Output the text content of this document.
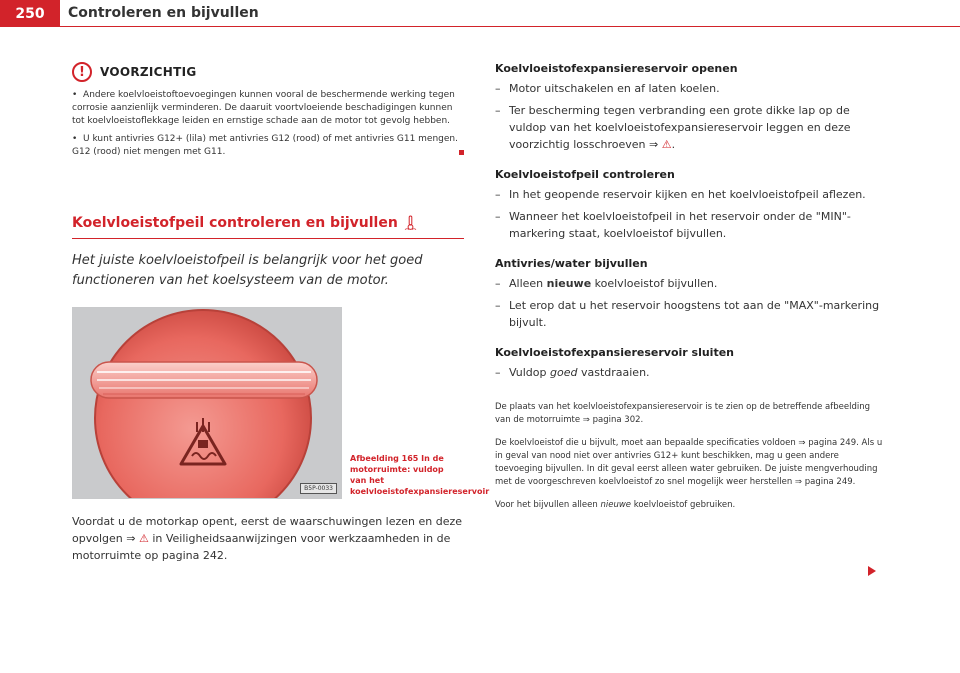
250	Controleren en bijvullen
!	VOORZICHTIG

• Andere koelvloeistoftoevoegingen kunnen vooral de beschermende werking tegen corrosie aanzienlijk verminderen. De daaruit voortvloeiende beschadigingen kunnen tot koelvloeistoflekkage leiden en ernstige schade aan de motor tot gevolg hebben.

• U kunt antivries G12+ (lila) met antivries G12 (rood) of met antivries G11 mengen. G12 (rood) niet mengen met G11.

Koelvloeistofpeil controleren en bijvullen

Het juiste koelvloeistofpeil is belangrijk voor het goed functioneren van het koelsysteem van de motor.

B5P-0033
Afbeelding 165 In de motorruimte: vuldop van het koelvloeistofexpansiereservoir

Voordat u de motorkap opent, eerst de waarschuwingen lezen en deze opvolgen ⇒ ⚠ in Veiligheidsaanwijzingen voor werkzaamheden in de motorruimte op pagina 242.

Koelvloeistofexpansiereservoir openen

– Motor uitschakelen en af laten koelen.

– Ter bescherming tegen verbranding een grote dikke lap op de vuldop van het koelvloeistofexpansiereservoir leggen en deze voorzichtig losschroeven ⇒ ⚠.

Koelvloeistofpeil controleren

– In het geopende reservoir kijken en het koelvloeistofpeil aflezen.

– Wanneer het koelvloeistofpeil in het reservoir onder de "MIN"-markering staat, koelvloeistof bijvullen.

Antivries/water bijvullen

– Alleen nieuwe koelvloeistof bijvullen.

– Let erop dat u het reservoir hoogstens tot aan de "MAX"-markering bijvult.

Koelvloeistofexpansiereservoir sluiten

– Vuldop goed vastdraaien.

De plaats van het koelvloeistofexpansiereservoir is te zien op de betreffende afbeelding van de motorruimte ⇒ pagina 302.

De koelvloeistof die u bijvult, moet aan bepaalde specificaties voldoen ⇒ pagina 249. Als u in geval van nood niet over antivries G12+ kunt beschikken, mag u geen andere toevoeging bijvullen. In dit geval eerst alleen water gebruiken. De juiste mengverhouding met de voorgeschreven koelvloeistof zo snel mogelijk weer herstellen ⇒ pagina 249.

Voor het bijvullen alleen nieuwe koelvloeistof gebruiken.
